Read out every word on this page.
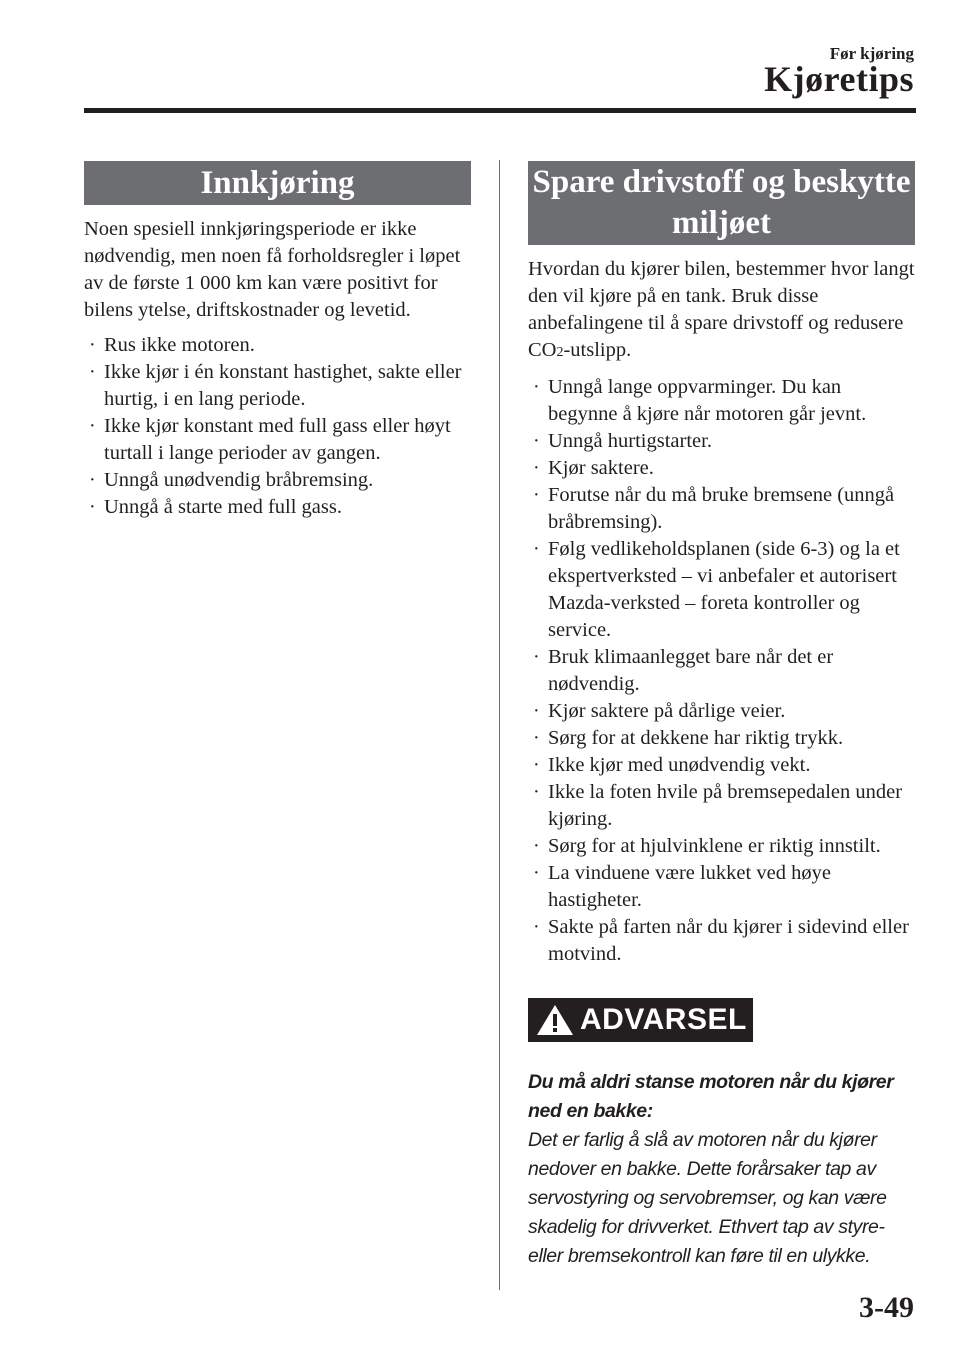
Før kjøring
Kjøretips
Innkjøring

Noen spesiell innkjøringsperiode er ikke nødvendig, men noen få forholdsregler i løpet av de første 1 000 km kan være positivt for bilens ytelse, driftskostnader og levetid.

· Rus ikke motoren.
· Ikke kjør i én konstant hastighet, sakte eller hurtig, i en lang periode.
· Ikke kjør konstant med full gass eller høyt turtall i lange perioder av gangen.
· Unngå unødvendig bråbremsing.
· Unngå å starte med full gass.
Spare drivstoff og beskytte
miljøet

Hvordan du kjører bilen, bestemmer hvor langt den vil kjøre på en tank. Bruk disse anbefalingene til å spare drivstoff og redusere CO2-utslipp.

· Unngå lange oppvarminger. Du kan begynne å kjøre når motoren går jevnt.
· Unngå hurtigstarter.
· Kjør saktere.
· Forutse når du må bruke bremsene (unngå bråbremsing).
· Følg vedlikeholdsplanen (side 6-3) og la et ekspertverksted – vi anbefaler et autorisert Mazda-verksted – foreta kontroller og service.
· Bruk klimaanlegget bare når det er nødvendig.
· Kjør saktere på dårlige veier.
· Sørg for at dekkene har riktig trykk.
· Ikke kjør med unødvendig vekt.
· Ikke la foten hvile på bremsepedalen under kjøring.
· Sørg for at hjulvinklene er riktig innstilt.
· La vinduene være lukket ved høye hastigheter.
· Sakte på farten når du kjører i sidevind eller motvind.
ADVARSEL
Du må aldri stanse motoren når du kjører ned en bakke:
Det er farlig å slå av motoren når du kjører nedover en bakke. Dette forårsaker tap av servostyring og servobremser, og kan være skadelig for drivverket. Ethvert tap av styre- eller bremsekontroll kan føre til en ulykke.
3-49
